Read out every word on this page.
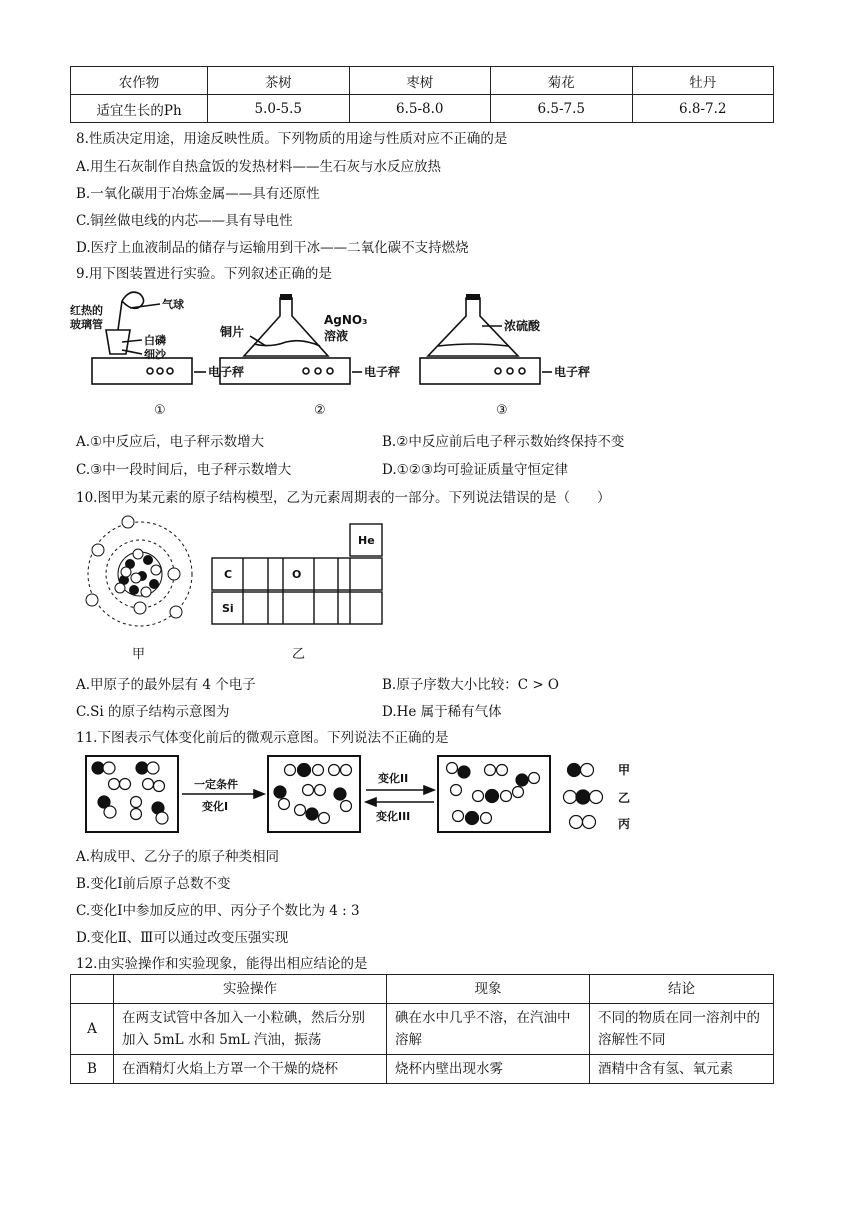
农作物	茶树	枣树	菊花	牡丹
适宜生长的Ph	5.0-5.5	6.5-8.0	6.5-7.5	6.8-7.2
8.性质决定用途，用途反映性质。下列物质的用途与性质对应不正确的是
A.用生石灰制作自热盒饭的发热材料——生石灰与水反应放热
B.一氧化碳用于冶炼金属——具有还原性
C.铜丝做电线的内芯——具有导电性
D.医疗上血液制品的储存与运输用到干冰——二氧化碳不支持燃烧
9.用下图装置进行实验。下列叙述正确的是
气球
红热的
玻璃管
白磷
细沙
电子秤
铜片
AgNO₃
溶液
电子秤
浓硫酸
电子秤
①	②	③
A.①中反应后，电子秤示数增大	B.②中反应前后电子秤示数始终保持不变
C.③中一段时间后，电子秤示数增大	D.①②③均可验证质量守恒定律
10.图甲为某元素的原子结构模型，乙为元素周期表的一部分。下列说法错误的是（　　）
He
C	O
Si
甲	乙
A.甲原子的最外层有 4 个电子	B.原子序数大小比较：C > O
C.Si 的原子结构示意图为	D.He 属于稀有气体
11.下图表示气体变化前后的微观示意图。下列说法不正确的是
一定条件
变化I
变化II
变化III
甲
乙
丙
A.构成甲、乙分子的原子种类相同
B.变化Ⅰ前后原子总数不变
C.变化Ⅰ中参加反应的甲、丙分子个数比为 4 : 3
D.变化Ⅱ、Ⅲ可以通过改变压强实现
12.由实验操作和实验现象，能得出相应结论的是
	实验操作	现象	结论
A	在两支试管中各加入一小粒碘，然后分别加入 5mL 水和 5mL 汽油，振荡	碘在水中几乎不溶，在汽油中溶解	不同的物质在同一溶剂中的溶解性不同
B	在酒精灯火焰上方罩一个干燥的烧杯	烧杯内壁出现水雾	酒精中含有氢、氧元素
